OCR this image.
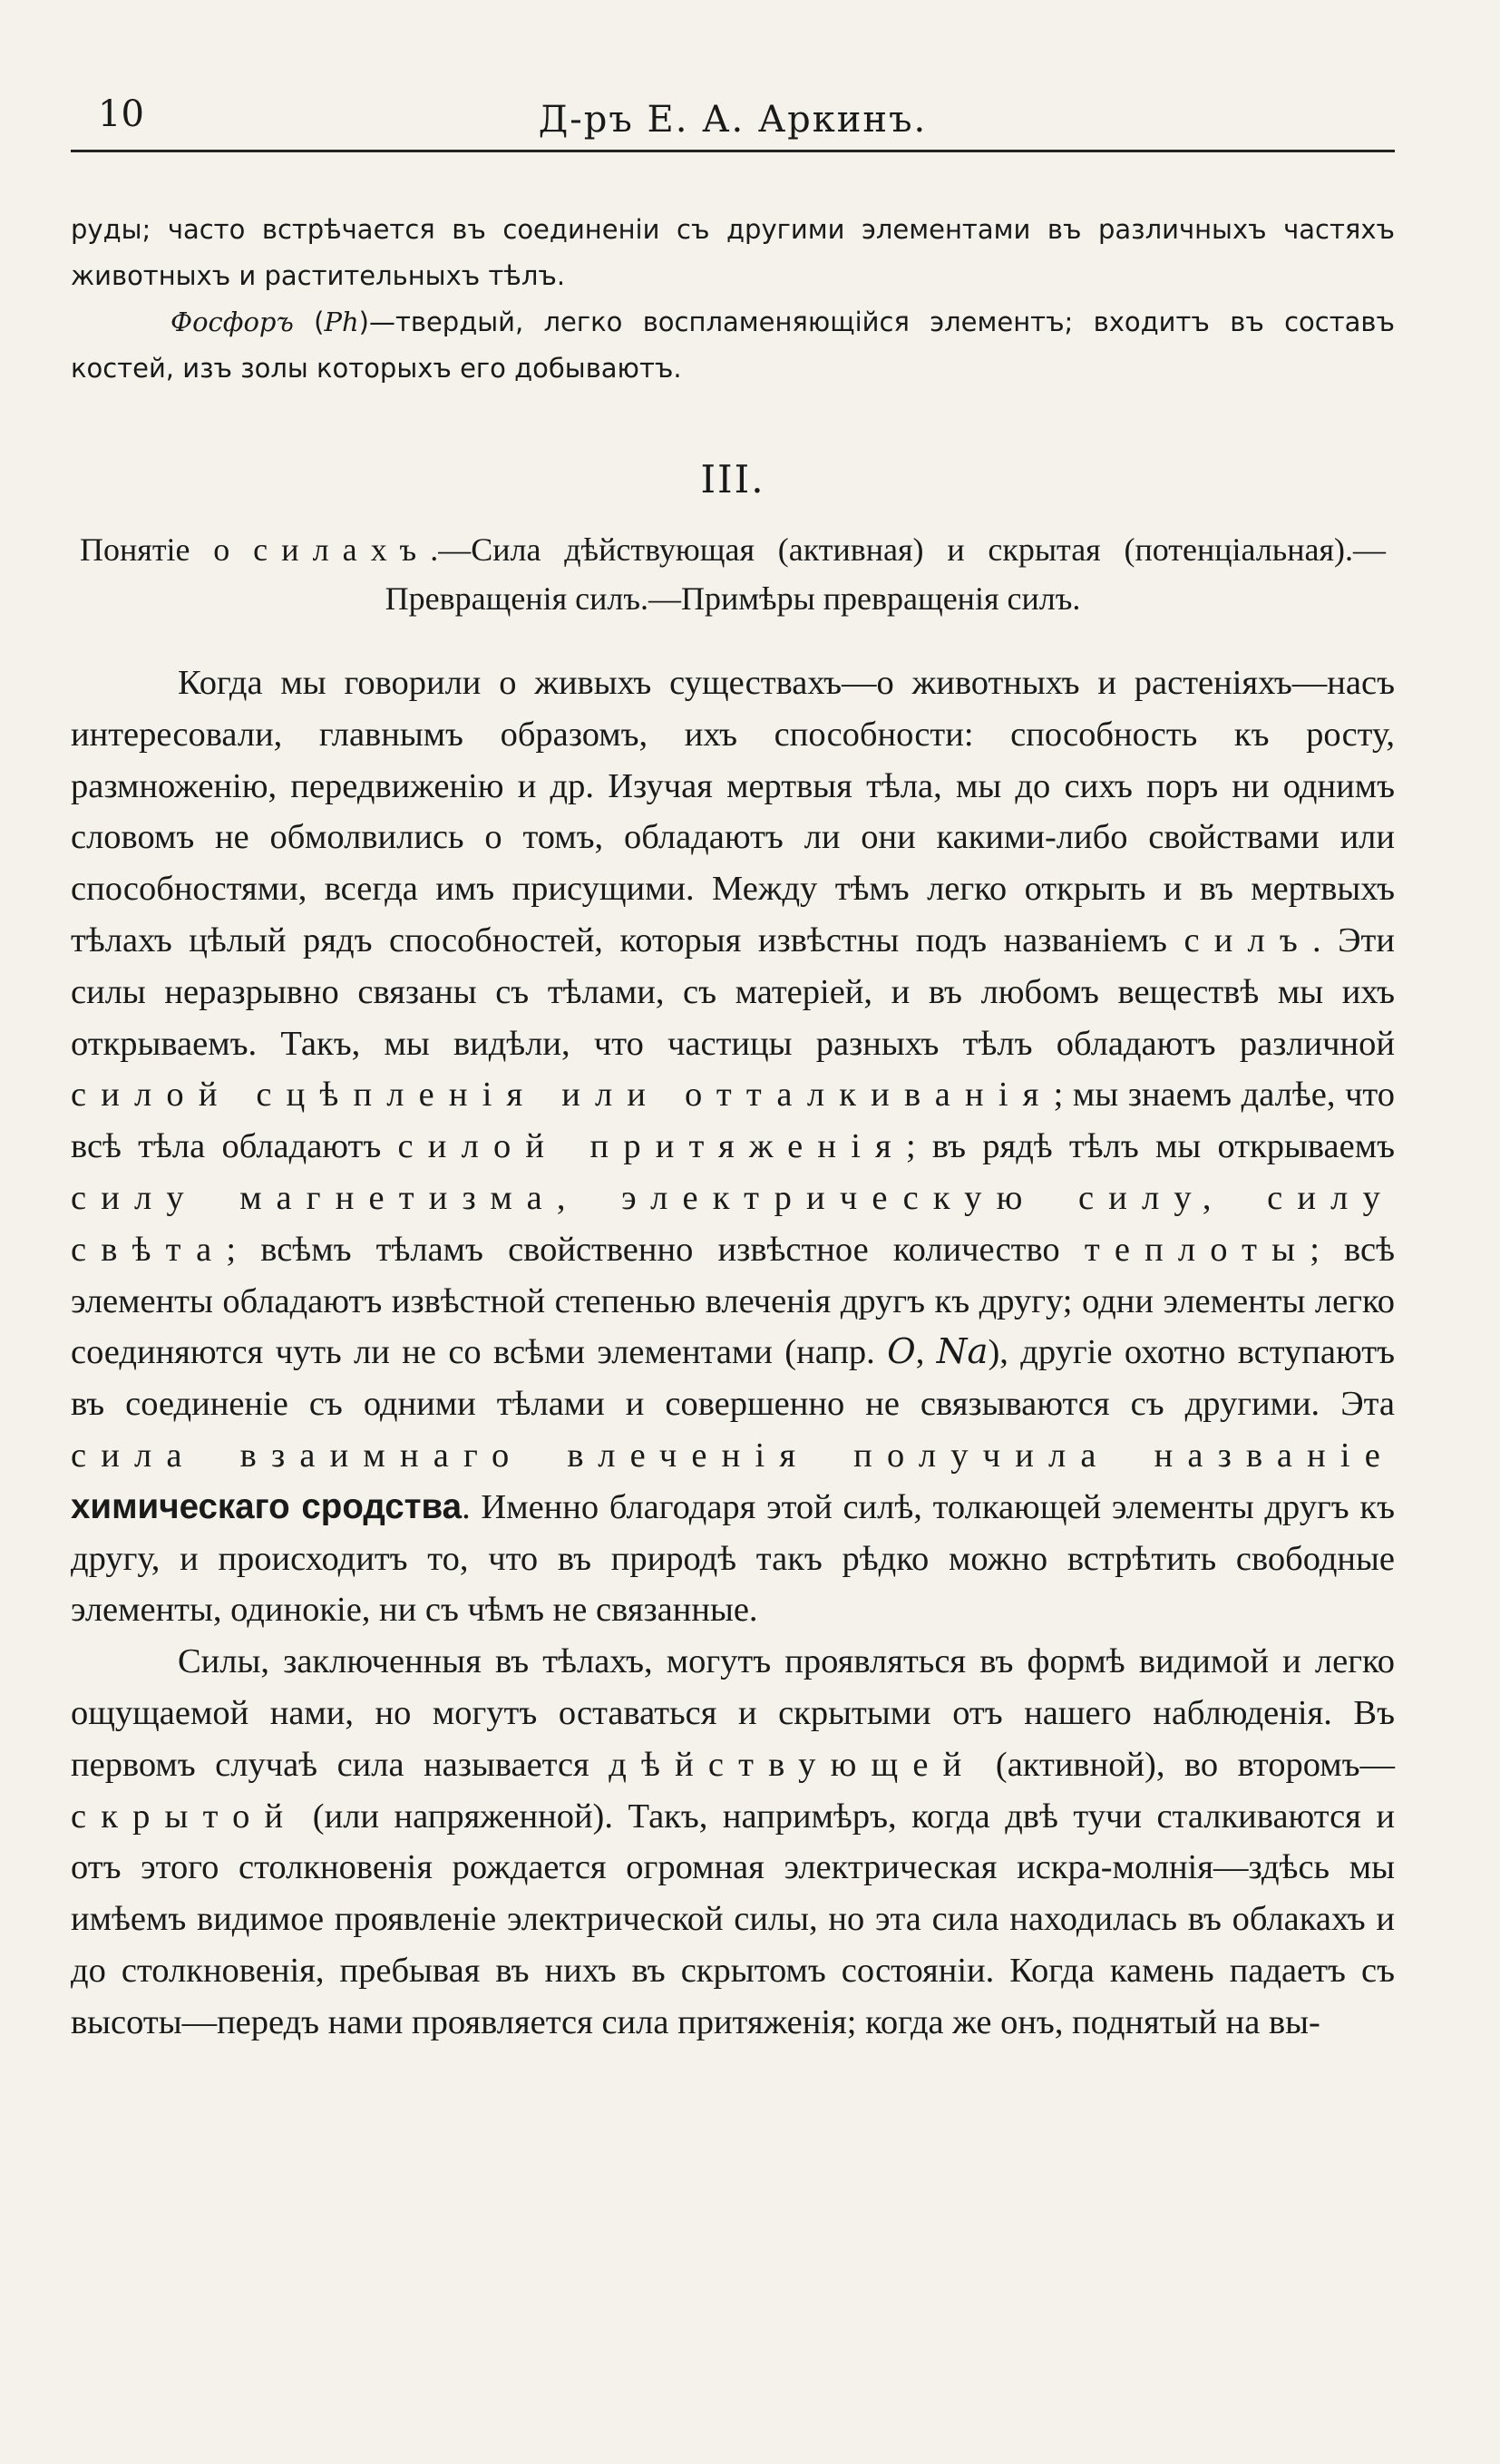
10	Д-ръ Е. А. Аркинъ.

руды; часто встрѣчается въ соединеніи съ другими элементами въ различныхъ частяхъ животныхъ и растительныхъ тѣлъ.

Фосфоръ (Ph)—твердый, легко воспламеняющійся элементъ; входитъ въ составъ костей, изъ золы которыхъ его добываютъ.

III.
Понятіе о силахъ.—Сила дѣйствующая (активная) и скрытая (потенціальная).—Превращенія силъ.—Примѣры превращенія силъ.

Когда мы говорили о живыхъ существахъ—о животныхъ и растеніяхъ—насъ интересовали, главнымъ образомъ, ихъ способности: способность къ росту, размноженію, передвиженію и др. Изучая мертвыя тѣла, мы до сихъ поръ ни однимъ словомъ не обмолвились о томъ, обладаютъ ли они какими-либо свойствами или способностями, всегда имъ присущими. Между тѣмъ легко открыть и въ мертвыхъ тѣлахъ цѣлый рядъ способностей, которыя извѣстны подъ названіемъ силъ. Эти силы неразрывно связаны съ тѣлами, съ матеріей, и въ любомъ веществѣ мы ихъ открываемъ. Такъ, мы видѣли, что частицы разныхъ тѣлъ обладаютъ различной силой сцѣпленія или отталкиванія; мы знаемъ далѣе, что всѣ тѣла обладаютъ силой притяженія; въ рядѣ тѣлъ мы открываемъ силу магнетизма, электрическую силу, силу свѣта; всѣмъ тѣламъ свойственно извѣстное количество теплоты; всѣ элементы обладаютъ извѣстной степенью влеченія другъ къ другу; одни элементы легко соединяются чуть ли не со всѣми элементами (напр. O, Na), другіе охотно вступаютъ въ соединеніе съ одними тѣлами и совершенно не связываются съ другими. Эта сила взаимнаго влеченія получила названіе химическаго сродства. Именно благодаря этой силѣ, толкающей элементы другъ къ другу, и происходитъ то, что въ природѣ такъ рѣдко можно встрѣтить свободные элементы, одинокіе, ни съ чѣмъ не связанные.

Силы, заключенныя въ тѣлахъ, могутъ проявляться въ формѣ видимой и легко ощущаемой нами, но могутъ оставаться и скрытыми отъ нашего наблюденія. Въ первомъ случаѣ сила называется дѣйствующей (активной), во второмъ—скрытой (или напряженной). Такъ, напримѣръ, когда двѣ тучи сталкиваются и отъ этого столкновенія рождается огромная электрическая искра-молнія—здѣсь мы имѣемъ видимое проявленіе электрической силы, но эта сила находилась въ облакахъ и до столкновенія, пребывая въ нихъ въ скрытомъ состояніи. Когда камень падаетъ съ высоты—передъ нами проявляется сила притяженія; когда же онъ, поднятый на вы-
